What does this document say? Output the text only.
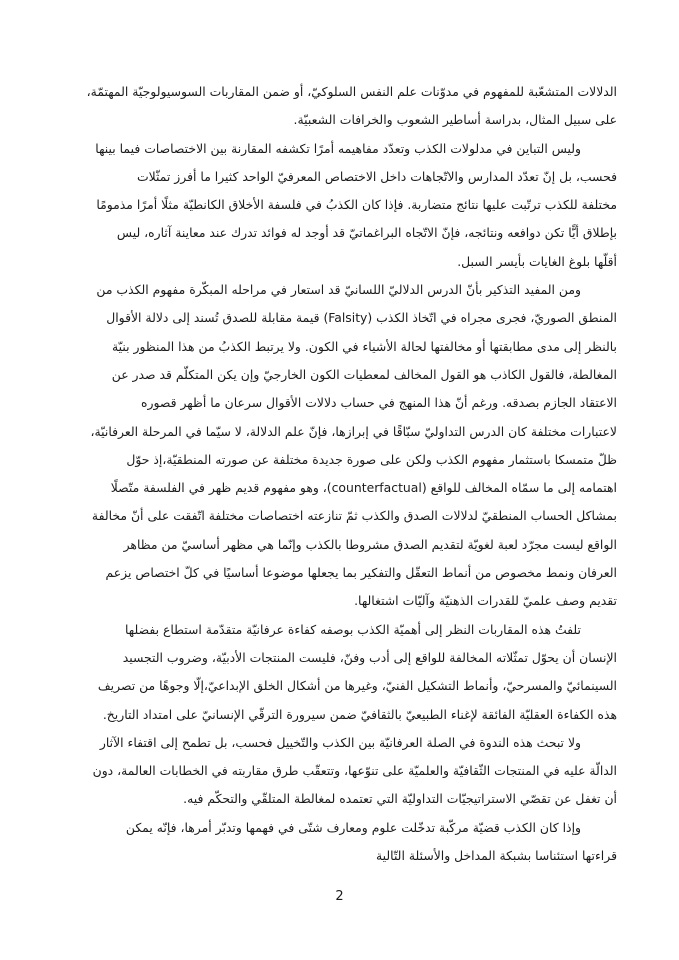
الدلالات المتشعّبة للمفهوم في مدوّنات علم النفس السلوكيّ، أو ضمن المقاربات السوسيولوجيّة المهتمّة،
على سبيل المثال، بدراسة أساطير الشعوب والخرافات الشعبيّة.
وليس التباين في مدلولات الكذب وتعدّد مفاهيمه أمرًا تكشفه المقارنة بين الاختصاصات فيما بينها
فحسب، بل إنّ تعدّد المدارس والاتّجاهات داخل الاختصاص المعرفيّ الواحد كثيرا ما أفرز تمثّلات
مختلفة للكذب ترتّبت عليها نتائج متضاربة. فإذا كان الكذبُ في فلسفة الأخلاق الكانطيّة مثلًا أمرًا مذمومًا
بإطلاق أيًّا تكن دوافعه ونتائجه، فإنّ الاتّجاه البراغماتيّ قد أوجد له فوائد تدرك عند معاينة آثاره، ليس
أقلّها بلوغ الغايات بأيسر السبل.
ومن المفيد التذكير بأنّ الدرس الدلاليّ اللسانيّ قد استعار في مراحله المبكّرة مفهوم الكذب من
المنطق الصوريّ، فجرى مجراه في اتّخاذ الكذب (Falsity) قيمة مقابلة للصدق تُسند إلى دلالة الأقوال
بالنظر إلى مدى مطابقتها أو مخالفتها لحالة الأشياء في الكون. ولا يرتبط الكذبُ من هذا المنظور بنيّة
المغالطة، فالقول الكاذب هو القول المخالف لمعطيات الكون الخارجيّ وإن يكن المتكلّم قد صدر عن
الاعتقاد الجازم بصدقه. ورغم أنّ هذا المنهج في حساب دلالات الأقوال سرعان ما أظهر قصوره
لاعتبارات مختلفة كان الدرس التداوليّ سبّاقًا في إبرازها، فإنّ علم الدلالة، لا سيّما في المرحلة العرفانيّة،
ظلّ متمسكا باستثمار مفهوم الكذب ولكن على صورة جديدة مختلفة عن صورته المنطقيّة،إذ حوّل
اهتمامه إلى ما سمّاه المخالف للواقع (counterfactual)، وهو مفهوم قديم ظهر في الفلسفة متّصلًا
بمشاكل الحساب المنطقيّ لدلالات الصدق والكذب ثمّ تنازعته اختصاصات مختلفة اتّفقت على أنّ مخالفة
الواقع ليست مجرّد لعبة لغويّة لتقديم الصدق مشروطا بالكذب وإنّما هي مظهر أساسيّ من مظاهر
العرفان ونمط مخصوص من أنماط التعقّل والتفكير بما يجعلها موضوعا أساسيًا في كلّ اختصاص يزعم
تقديم وصف علميّ للقدرات الذهنيّة وآليّات اشتغالها.
تلفتُ هذه المقاربات النظر إلى أهميّة الكذب بوصفه كفاءة عرفانيّة متقدّمة استطاع بفضلها
الإنسان أن يحوّل تمثّلاته المخالفة للواقع إلى أدب وفنّ، فليست المنتجات الأدبيّة، وضروب التجسيد
السينمائيّ والمسرحيّ، وأنماط التشكيل الفنيّ، وغيرها من أشكال الخلق الإبداعيّ،إلّا وجوهًا من تصريف
هذه الكفاءة العقليّة الفائقة لإغناء الطبيعيّ بالثقافيّ ضمن سيرورة الترقّي الإنسانيّ على امتداد التاريخ.
ولا تبحث هذه الندوة في الصلة العرفانيّة بين الكذب والتّخييل فحسب، بل تطمح إلى اقتفاء الآثار
الدالّة عليه في المنتجات الثّقافيّة والعلميّة على تنوّعها، وتتعقّب طرق مقاربته في الخطابات العالمة، دون
أن تغفل عن تقصّي الاستراتيجيّات التداوليّة التي تعتمده لمغالطة المتلقّي والتحكّم فيه.
وإذا كان الكذب قضيّة مركّبة تدخّلت علوم ومعارف شتّى في فهمها وتدبّر أمرها، فإنّه يمكن
قراءتها استئناسا بشبكة المداخل والأسئلة التّالية
2
